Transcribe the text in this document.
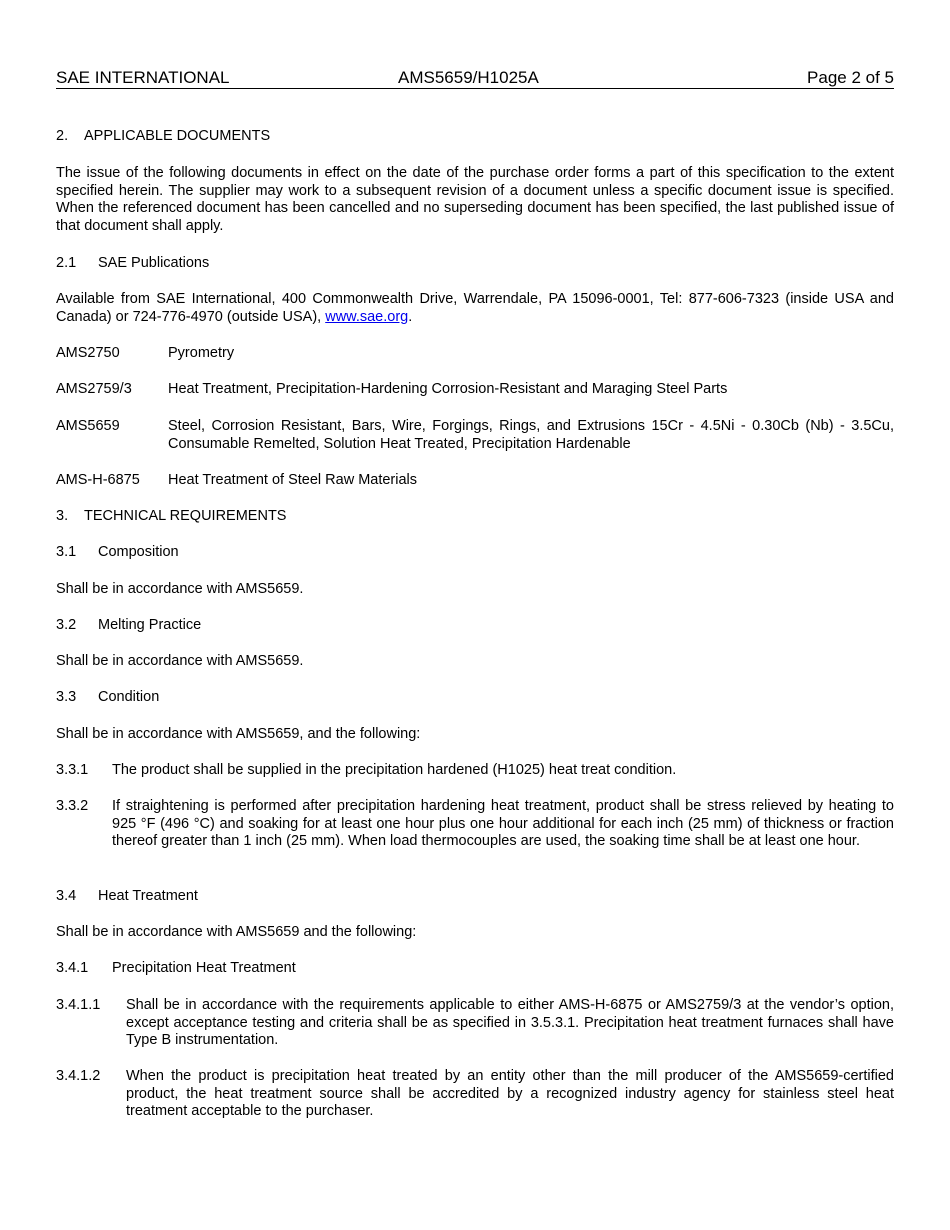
SAE INTERNATIONAL	AMS5659/H1025A	Page 2 of 5
2. APPLICABLE DOCUMENTS
The issue of the following documents in effect on the date of the purchase order forms a part of this specification to the extent specified herein. The supplier may work to a subsequent revision of a document unless a specific document issue is specified. When the referenced document has been cancelled and no superseding document has been specified, the last published issue of that document shall apply.
2.1 SAE Publications
Available from SAE International, 400 Commonwealth Drive, Warrendale, PA 15096-0001, Tel: 877-606-7323 (inside USA and Canada) or 724-776-4970 (outside USA), www.sae.org.
AMS2750	Pyrometry
AMS2759/3 Heat Treatment, Precipitation-Hardening Corrosion-Resistant and Maraging Steel Parts
AMS5659	Steel, Corrosion Resistant, Bars, Wire, Forgings, Rings, and Extrusions 15Cr - 4.5Ni - 0.30Cb (Nb) - 3.5Cu, Consumable Remelted, Solution Heat Treated, Precipitation Hardenable
AMS-H-6875 Heat Treatment of Steel Raw Materials
3. TECHNICAL REQUIREMENTS
3.1 Composition
Shall be in accordance with AMS5659.
3.2 Melting Practice
Shall be in accordance with AMS5659.
3.3 Condition
Shall be in accordance with AMS5659, and the following:
3.3.1 The product shall be supplied in the precipitation hardened (H1025) heat treat condition.
3.3.2 If straightening is performed after precipitation hardening heat treatment, product shall be stress relieved by heating to 925 °F (496 °C) and soaking for at least one hour plus one hour additional for each inch (25 mm) of thickness or fraction thereof greater than 1 inch (25 mm). When load thermocouples are used, the soaking time shall be at least one hour.
3.4 Heat Treatment
Shall be in accordance with AMS5659 and the following:
3.4.1 Precipitation Heat Treatment
3.4.1.1 Shall be in accordance with the requirements applicable to either AMS-H-6875 or AMS2759/3 at the vendor’s option, except acceptance testing and criteria shall be as specified in 3.5.3.1. Precipitation heat treatment furnaces shall have Type B instrumentation.
3.4.1.2 When the product is precipitation heat treated by an entity other than the mill producer of the AMS5659-certified product, the heat treatment source shall be accredited by a recognized industry agency for stainless steel heat treatment acceptable to the purchaser.
